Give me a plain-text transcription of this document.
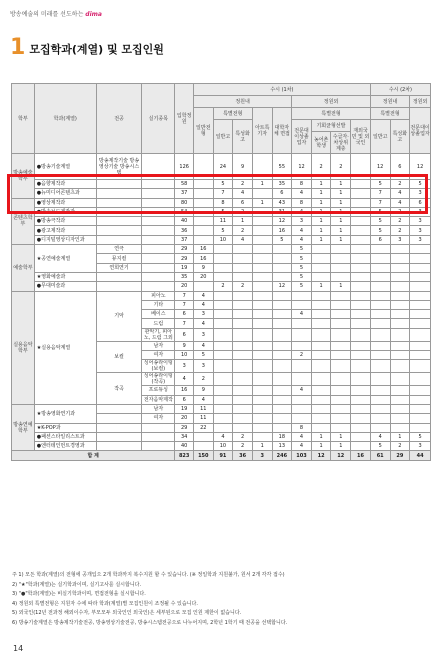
방송예술의 미래를 선도하는 dima
1 모집학과(계열) 및 모집인원
학부	학과(계열)	전공	실기종목	입학정원	수시 (1차)									수시 (2차)		
					정원내					정원외				정원내		정원외
					일반전형	특별전형		아트특기자	대학자체 면접	특별전형				특별전형		전문대이상졸업자
						일반고	특성화고			전문대이상졸업자	기회균형선발		재외국민 및 외국인	일반고	특성화고	
											농어촌학생	수급자·차상위계층				
방송예술학부	●방송기술계열	방송제작기술 방송영상기술 방송시스템		126		24	9		55	12	2	2		12	6	12
	●음향제작과			58		5	2	1	35	8	1	1		5	2	5
	●뉴미디어콘텐츠과			37		7	4		6	4	1	1		7	4	3
콘텐츠학부	●영상제작과			80		8	6	1	43	8	1	1		7	4	6
	●방송보도제작과			54		5	2		31	4	1	1		5	2	3
	●방송극작과			40		11	1		12	3	1	1		5	2	3
	●광고제작과			36		5	2		16	4	1	1		5	2	3
	●디지털영상디자인과			37		10	4		5	4	1	1		6	3	3
예술학부	★공연예술계열	연극		29	16					5						
		뮤지컬		29	16					5						
		연희연기		19	9					5						
	★영화예술과			35	20					5						
	●무대미술과			20		2	2		12	5	1	1				
실용음악학부	★실용음악계열	기악	피아노	7	4											
			기타	7	4											
			베이스	6	3					4						
			드럼	7	4											
			관악기, 피아노, 드럼 그외	6	3											
		보컬	남자	9	4											
			여자	10	5					2						
			싱어송라이팅 (보컬)	3	3											
		작곡	싱어송라이팅 (작곡)	4	2											
			프로듀싱	16	9					4						
			전자음악제작	6	4											
방송연예학부	★방송영화연기과		남자	19	11											
			여자	20	11											
	★K-POP과			29	22					8						
	●패션스타일리스트과			34		4	2		18	4	1	1		4	1	5
	●엔터테인먼트경영과			40		10	2	1	13	4	1	1		5	2	3
합 계				823	150	91	36	3	246	103	12	12	16	61	29	44
주 1) 모든 학과(계열)의 전형에 공개입으 2개 학과까지 복수지원 할 수 있습니다. (※ 정일학과 지원불가, 원서 2개 각각 접수)
2) "★"학과(계열)는 실기학과이며, 실기고사를 실시합니다.
3) "●"학과(계열)는 비실기학과이며, 면접전형을 실시합니다.
4) 정원외 특별전형은 지원자 수에 따라 학과(계열)별 모집인원이 조정될 수 있습니다.
5) 외국인(12년 전과정 해외이수자, 부모모두 외국인인 외국인)은 세부된으로 모집 인원 제한이 없습니다.
6) 방송기술계열은 방송제작기술전공, 방송영상기술전공, 방송시스템전공으로 나누어지며, 2학년 1학기 때 전공을 선택합니다.
14
